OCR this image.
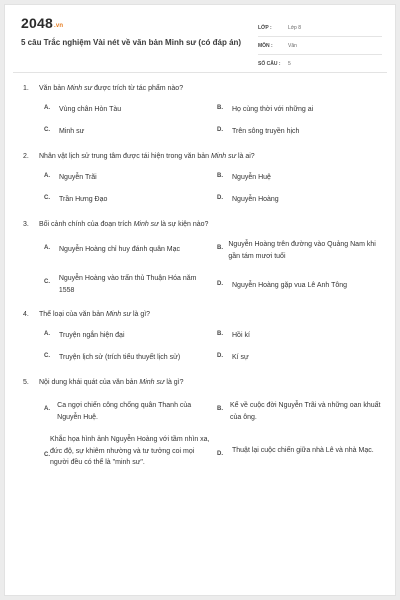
2048.vn
5 câu Trắc nghiệm Vài nét về văn bản Minh sư (có đáp án)
LỚP :	Lớp 8
MÔN :	Văn
SỐ CÂU :	5
1.	Văn bản Minh sư được trích từ tác phẩm nào?
A.	Vùng chân Hòn Tàu	B.	Họ cùng thời với những ai
C.	Minh sư	D.	Trên sông truyền hịch
2.	Nhân vật lịch sử trung tâm được tái hiện trong văn bản Minh sư là ai?
A.	Nguyễn Trãi	B.	Nguyễn Huệ
C.	Trần Hưng Đạo	D.	Nguyễn Hoàng
3.	Bối cảnh chính của đoạn trích Minh sư là sự kiện nào?
A.	Nguyễn Hoàng chỉ huy đánh quân Mạc	B. Nguyễn Hoàng trên đường vào Quảng Nam khi gần tám mươi tuổi
C.	Nguyễn Hoàng vào trấn thủ Thuận Hóa năm 1558
D.	Nguyễn Hoàng gặp vua Lê Anh Tông
4.	Thể loại của văn bản Minh sư là gì?
A.	Truyện ngắn hiện đại	B.	Hồi kí
C.	Truyện lịch sử (trích tiểu thuyết lịch sử)	D.	Kí sự
5.	Nội dung khái quát của văn bản Minh sư là gì?
A.	Ca ngợi chiến công chống quân Thanh của Nguyễn Huệ.
B. Kể về cuộc đời Nguyễn Trãi và những oan khuất của ông.
C.
Khắc họa hình ảnh Nguyễn Hoàng với tầm nhìn xa, đức độ, sự khiêm nhường và tư tưởng coi mọi người đều có thể là "minh sư".
D.	Thuật lại cuộc chiến giữa nhà Lê và nhà Mạc.
